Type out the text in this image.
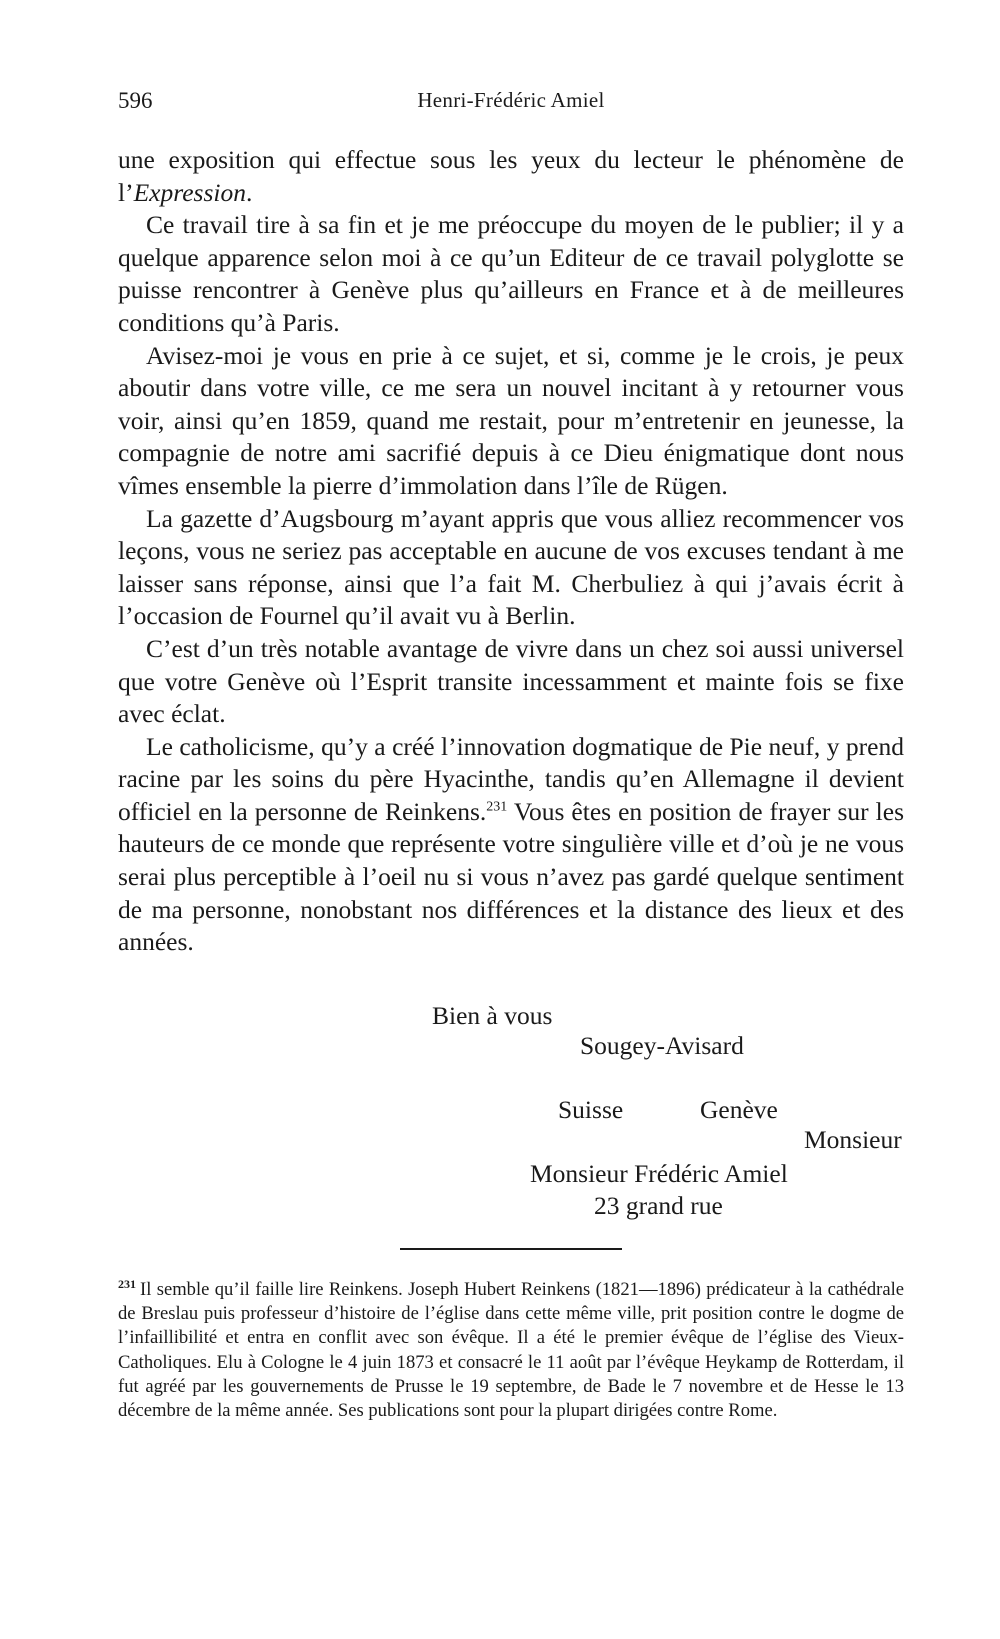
596	Henri-Frédéric Amiel

une exposition qui effectue sous les yeux du lecteur le phénomène de l’Expression.

Ce travail tire à sa fin et je me préoccupe du moyen de le publier; il y a quelque apparence selon moi à ce qu’un Editeur de ce travail polyglotte se puisse rencontrer à Genève plus qu’ailleurs en France et à de meilleures conditions qu’à Paris.

Avisez-moi je vous en prie à ce sujet, et si, comme je le crois, je peux aboutir dans votre ville, ce me sera un nouvel incitant à y retourner vous voir, ainsi qu’en 1859, quand me restait, pour m’entretenir en jeunesse, la compagnie de notre ami sacrifié depuis à ce Dieu énigmatique dont nous vîmes ensemble la pierre d’immolation dans l’île de Rügen.

La gazette d’Augsbourg m’ayant appris que vous alliez recommencer vos leçons, vous ne seriez pas acceptable en aucune de vos excuses tendant à me laisser sans réponse, ainsi que l’a fait M. Cherbuliez à qui j’avais écrit à l’occasion de Fournel qu’il avait vu à Berlin.

C’est d’un très notable avantage de vivre dans un chez soi aussi universel que votre Genève où l’Esprit transite incessamment et mainte fois se fixe avec éclat.

Le catholicisme, qu’y a créé l’innovation dogmatique de Pie neuf, y prend racine par les soins du père Hyacinthe, tandis qu’en Allemagne il devient officiel en la personne de Reinkens.$^{231}$ Vous êtes en position de frayer sur les hauteurs de ce monde que représente votre singulière ville et d’où je ne vous serai plus perceptible à l’oeil nu si vous n’avez pas gardé quelque sentiment de ma personne, nonobstant nos différences et la distance des lieux et des années.

Bien à vous
Sougey-Avisard
Suisse	Genève
Monsieur
Monsieur Frédéric Amiel
23 grand rue
$^{231}$ Il semble qu’il faille lire Reinkens. Joseph Hubert Reinkens (1821—1896) prédicateur à la cathédrale de Breslau puis professeur d’histoire de l’église dans cette même ville, prit position contre le dogme de l’infaillibilité et entra en conflit avec son évêque. Il a été le premier évêque de l’église des Vieux-Catholiques. Elu à Cologne le 4 juin 1873 et consacré le 11 août par l’évêque Heykamp de Rotterdam, il fut agréé par les gouvernements de Prusse le 19 septembre, de Bade le 7 novembre et de Hesse le 13 décembre de la même année. Ses publications sont pour la plupart dirigées contre Rome.
